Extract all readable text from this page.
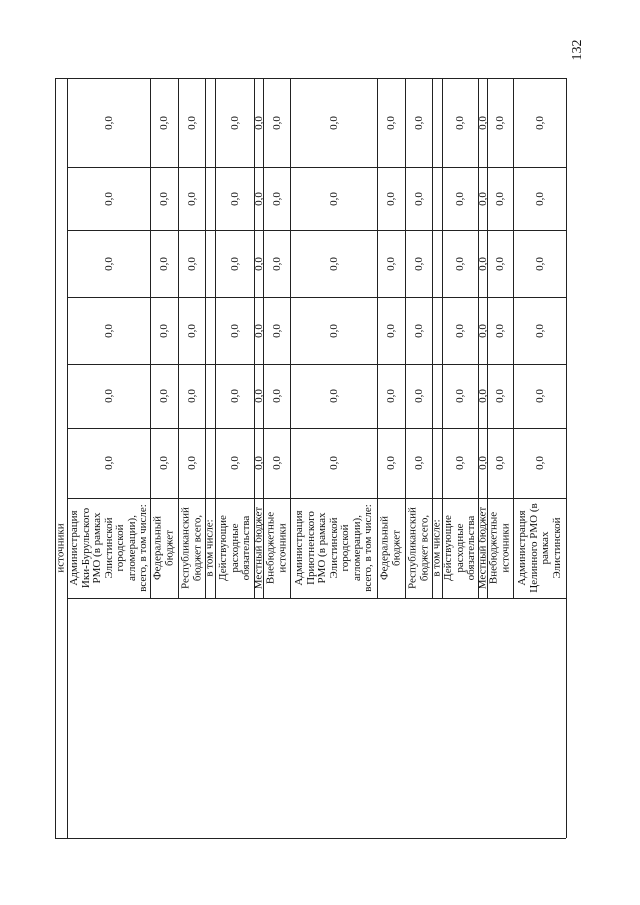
132
источники Администрация Ики-Бурульского РМО (в рамках Элистинской городской агломерации), всего, в том числе:
0,0
0,0
0,0
0,0
0,0
0,0
Федеральный бюджет
0,0
0,0
0,0
0,0
0,0
0,0
Республиканский бюджет всего,
0,0
0,0
0,0
0,0
0,0
0,0
в том числе: Действующие расходные обязательства
0,0
0,0
0,0
0,0
0,0
0,0
Местный бюджет
0,0
0,0
0,0
0,0
0,0
0,0
Внебюджетные источники
0,0
0,0
0,0
0,0
0,0
0,0
Администрация Приютненского РМО (в рамках Элистинской городской агломерации), всего, в том числе:
0,0
0,0
0,0
0,0
0,0
0,0
Федеральный бюджет
0,0
0,0
0,0
0,0
0,0
0,0
Республиканский бюджет всего,
0,0
0,0
0,0
0,0
0,0
0,0
в том числе: Действующие расходные обязательства
0,0
0,0
0,0
0,0
0,0
0,0
Местный бюджет
0,0
0,0
0,0
0,0
0,0
0,0
Внебюджетные источники
0,0
0,0
0,0
0,0
0,0
0,0
Администрация Целинного РМО (в рамках Элистинской
0,0
0,0
0,0
0,0
0,0
0,0
